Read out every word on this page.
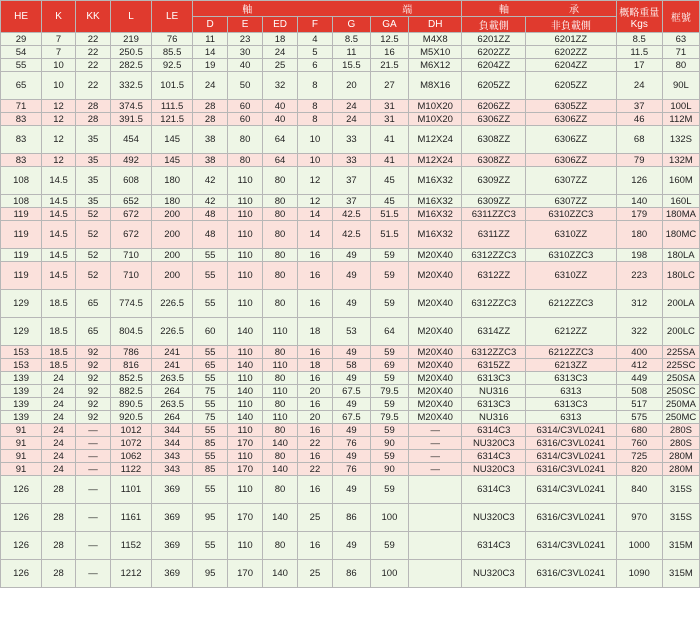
HE	K	KK	L	LE	軸 端							軸 承		概略重量
Kgs	框號
					D	E	ED	F	G	GA	DH	負載側	非負載側		
29	7	22	219	76	11	23	18	4	8.5	12.5	M4X8	6201ZZ	6201ZZ	8.5	63
54	7	22	250.5	85.5	14	30	24	5	11	16	M5X10	6202ZZ	6202ZZ	11.5	71
55	10	22	282.5	92.5	19	40	25	6	15.5	21.5	M6X12	6204ZZ	6204ZZ	17	80
65	10	22	332.5	101.5	24	50	32	8	20	27	M8X16	6205ZZ	6205ZZ	24	90L
71	12	28	374.5	111.5	28	60	40	8	24	31	M10X20	6206ZZ	6305ZZ	37	100L
83	12	28	391.5	121.5	28	60	40	8	24	31	M10X20	6306ZZ	6306ZZ	46	112M
83	12	35	454	145	38	80	64	10	33	41	M12X24	6308ZZ	6306ZZ	68	132S
83	12	35	492	145	38	80	64	10	33	41	M12X24	6308ZZ	6306ZZ	79	132M
108	14.5	35	608	180	42	110	80	12	37	45	M16X32	6309ZZ	6307ZZ	126	160M
108	14.5	35	652	180	42	110	80	12	37	45	M16X32	6309ZZ	6307ZZ	140	160L
119	14.5	52	672	200	48	110	80	14	42.5	51.5	M16X32	6311ZZC3	6310ZZC3	179	180MA
119	14.5	52	672	200	48	110	80	14	42.5	51.5	M16X32	6311ZZ	6310ZZ	180	180MC
119	14.5	52	710	200	55	110	80	16	49	59	M20X40	6312ZZC3	6310ZZC3	198	180LA
119	14.5	52	710	200	55	110	80	16	49	59	M20X40	6312ZZ	6310ZZ	223	180LC
129	18.5	65	774.5	226.5	55	110	80	16	49	59	M20X40	6312ZZC3	6212ZZC3	312	200LA
129	18.5	65	804.5	226.5	60	140	110	18	53	64	M20X40	6314ZZ	6212ZZ	322	200LC
153	18.5	92	786	241	55	110	80	16	49	59	M20X40	6312ZZC3	6212ZZC3	400	225SA
153	18.5	92	816	241	65	140	110	18	58	69	M20X40	6315ZZ	6213ZZ	412	225SC
139	24	92	852.5	263.5	55	110	80	16	49	59	M20X40	6313C3	6313C3	449	250SA
139	24	92	882.5	264	75	140	110	20	67.5	79.5	M20X40	NU316	6313	508	250SC
139	24	92	890.5	263.5	55	110	80	16	49	59	M20X40	6313C3	6313C3	517	250MA
139	24	92	920.5	264	75	140	110	20	67.5	79.5	M20X40	NU316	6313	575	250MC
91	24	—	1012	344	55	110	80	16	49	59	—	6314C3	6314/C3VL0241	680	280S
91	24	—	1072	344	85	170	140	22	76	90	—	NU320C3	6316/C3VL0241	760	280S
91	24	—	1062	343	55	110	80	16	49	59	—	6314C3	6314/C3VL0241	725	280M
91	24	—	1122	343	85	170	140	22	76	90	—	NU320C3	6316/C3VL0241	820	280M
126	28	—	1101	369	55	110	80	16	49	59		6314C3	6314/C3VL0241	840	315S
126	28	—	1161	369	95	170	140	25	86	100		NU320C3	6316/C3VL0241	970	315S
126	28	—	1152	369	55	110	80	16	49	59		6314C3	6314/C3VL0241	1000	315M
126	28	—	1212	369	95	170	140	25	86	100		NU320C3	6316/C3VL0241	1090	315M
